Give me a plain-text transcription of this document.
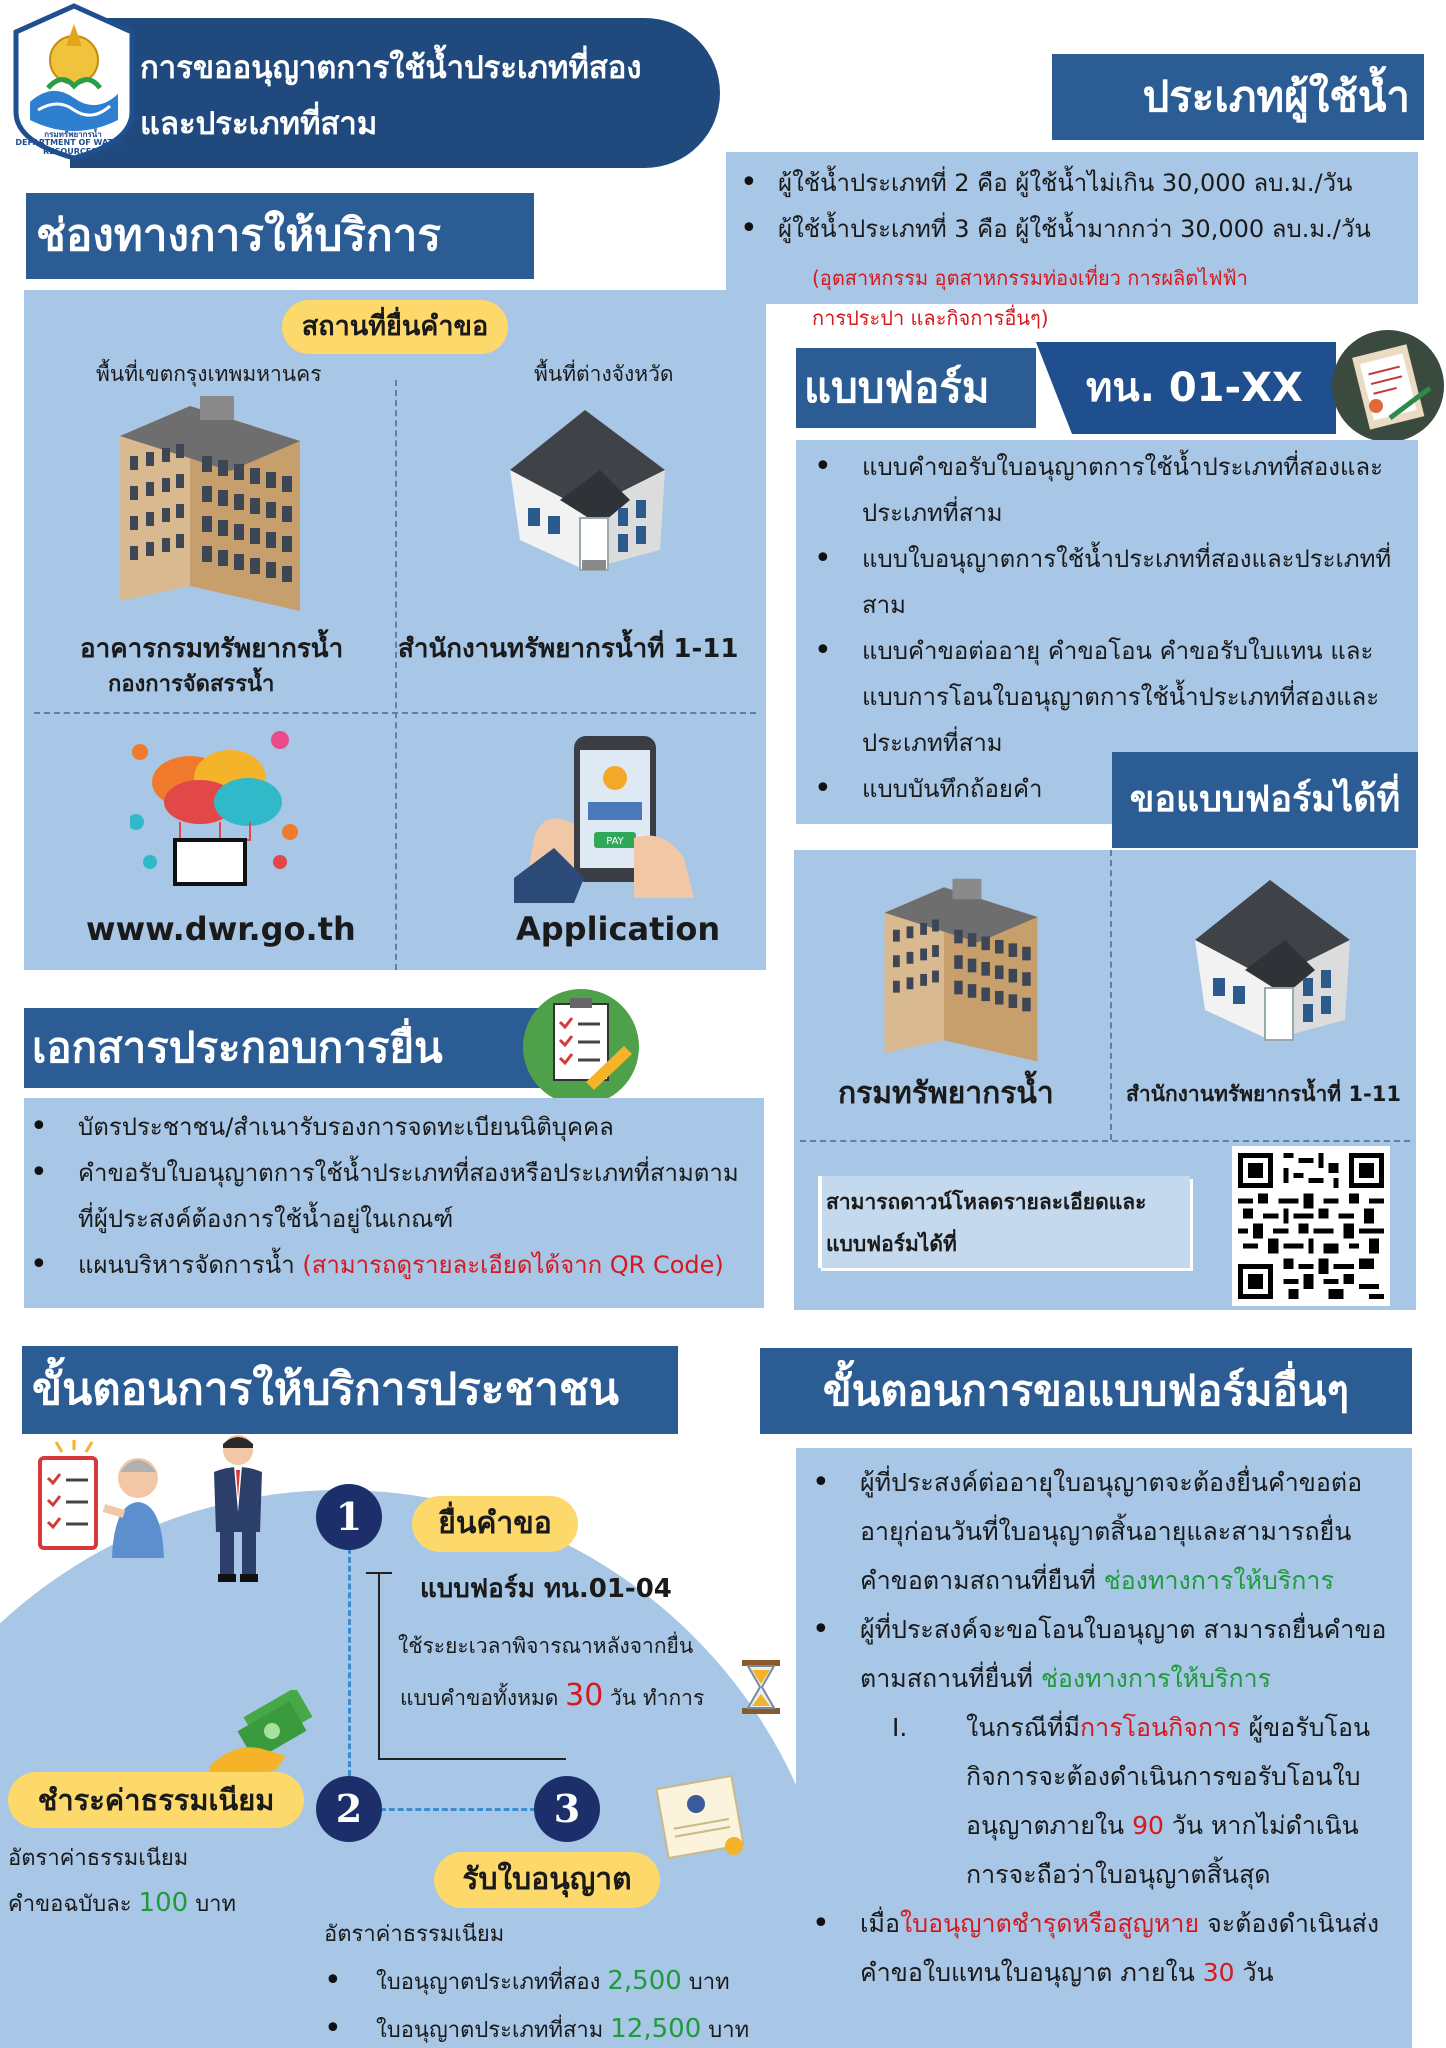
DEPARTMENT OF WATER RESOURCES
กรมทรัพยากรน้ำ
การขออนุญาตการใช้น้ำประเภทที่สอง
และประเภทที่สาม
ประเภทผู้ใช้น้ำ
• ผู้ใช้น้ำประเภทที่ 2 คือ ผู้ใช้น้ำไม่เกิน 30,000 ลบ.ม./วัน
• ผู้ใช้น้ำประเภทที่ 3 คือ ผู้ใช้น้ำมากกว่า 30,000 ลบ.ม./วัน
(อุตสาหกรรม อุตสาหกรรมท่องเที่ยว การผลิตไฟฟ้า
การประปา และกิจการอื่นๆ)
ช่องทางการให้บริการ
สถานที่ยื่นคำขอ
พื้นที่เขตกรุงเทพมหานคร	พื้นที่ต่างจังหวัด
อาคารกรมทรัพยากรน้ำ
กองการจัดสรรน้ำ
สำนักงานทรัพยากรน้ำที่ 1-11
PAY
www.dwr.go.th	Application
แบบฟอร์ม	ทน. 01-XX
• แบบคำขอรับใบอนุญาตการใช้น้ำประเภทที่สองและประเภทที่สาม
• แบบใบอนุญาตการใช้น้ำประเภทที่สองและประเภทที่สาม
• แบบคำขอต่ออายุ คำขอโอน คำขอรับใบแทน และแบบการโอนใบอนุญาตการใช้น้ำประเภทที่สองและประเภทที่สาม
• แบบบันทึกถ้อยคำ	ขอแบบฟอร์มได้ที่
กรมทรัพยากรน้ำ	สำนักงานทรัพยากรน้ำที่ 1-11
สามารถดาวน์โหลดรายละเอียดและ
แบบฟอร์มได้ที่
เอกสารประกอบการยื่น
• บัตรประชาชน/สำเนารับรองการจดทะเบียนนิติบุคคล
• คำขอรับใบอนุญาตการใช้น้ำประเภทที่สองหรือประเภทที่สามตามที่ผู้ประสงค์ต้องการใช้น้ำอยู่ในเกณฑ์
• แผนบริหารจัดการน้ำ (สามารถดูรายละเอียดได้จาก QR Code)
ขั้นตอนการให้บริการประชาชน
1	ยื่นคำขอ
แบบฟอร์ม ทน.01-04
ใช้ระยะเวลาพิจารณาหลังจากยื่น
แบบคำขอทั้งหมด 30 วัน ทำการ
2
ชำระค่าธรรมเนียม
อัตราค่าธรรมเนียม
คำขอฉบับละ 100 บาท
3
รับใบอนุญาต
อัตราค่าธรรมเนียม
• ใบอนุญาตประเภทที่สอง 2,500 บาท
• ใบอนุญาตประเภทที่สาม 12,500 บาท
ขั้นตอนการขอแบบฟอร์มอื่นๆ
• ผู้ที่ประสงค์ต่ออายุใบอนุญาตจะต้องยื่นคำขอต่ออายุก่อนวันที่ใบอนุญาตสิ้นอายุและสามารถยื่นคำขอตามสถานที่ยืนที่ ช่องทางการให้บริการ
• ผู้ที่ประสงค์จะขอโอนใบอนุญาต สามารถยื่นคำขอตามสถานที่ยื่นที่ ช่องทางการให้บริการ
I. ในกรณีที่มีการโอนกิจการ ผู้ขอรับโอนกิจการจะต้องดำเนินการขอรับโอนใบอนุญาตภายใน 90 วัน หากไม่ดำเนินการจะถือว่าใบอนุญาตสิ้นสุด
• เมื่อใบอนุญาตชำรุดหรือสูญหาย จะต้องดำเนินส่งคำขอใบแทนใบอนุญาต ภายใน 30 วัน
